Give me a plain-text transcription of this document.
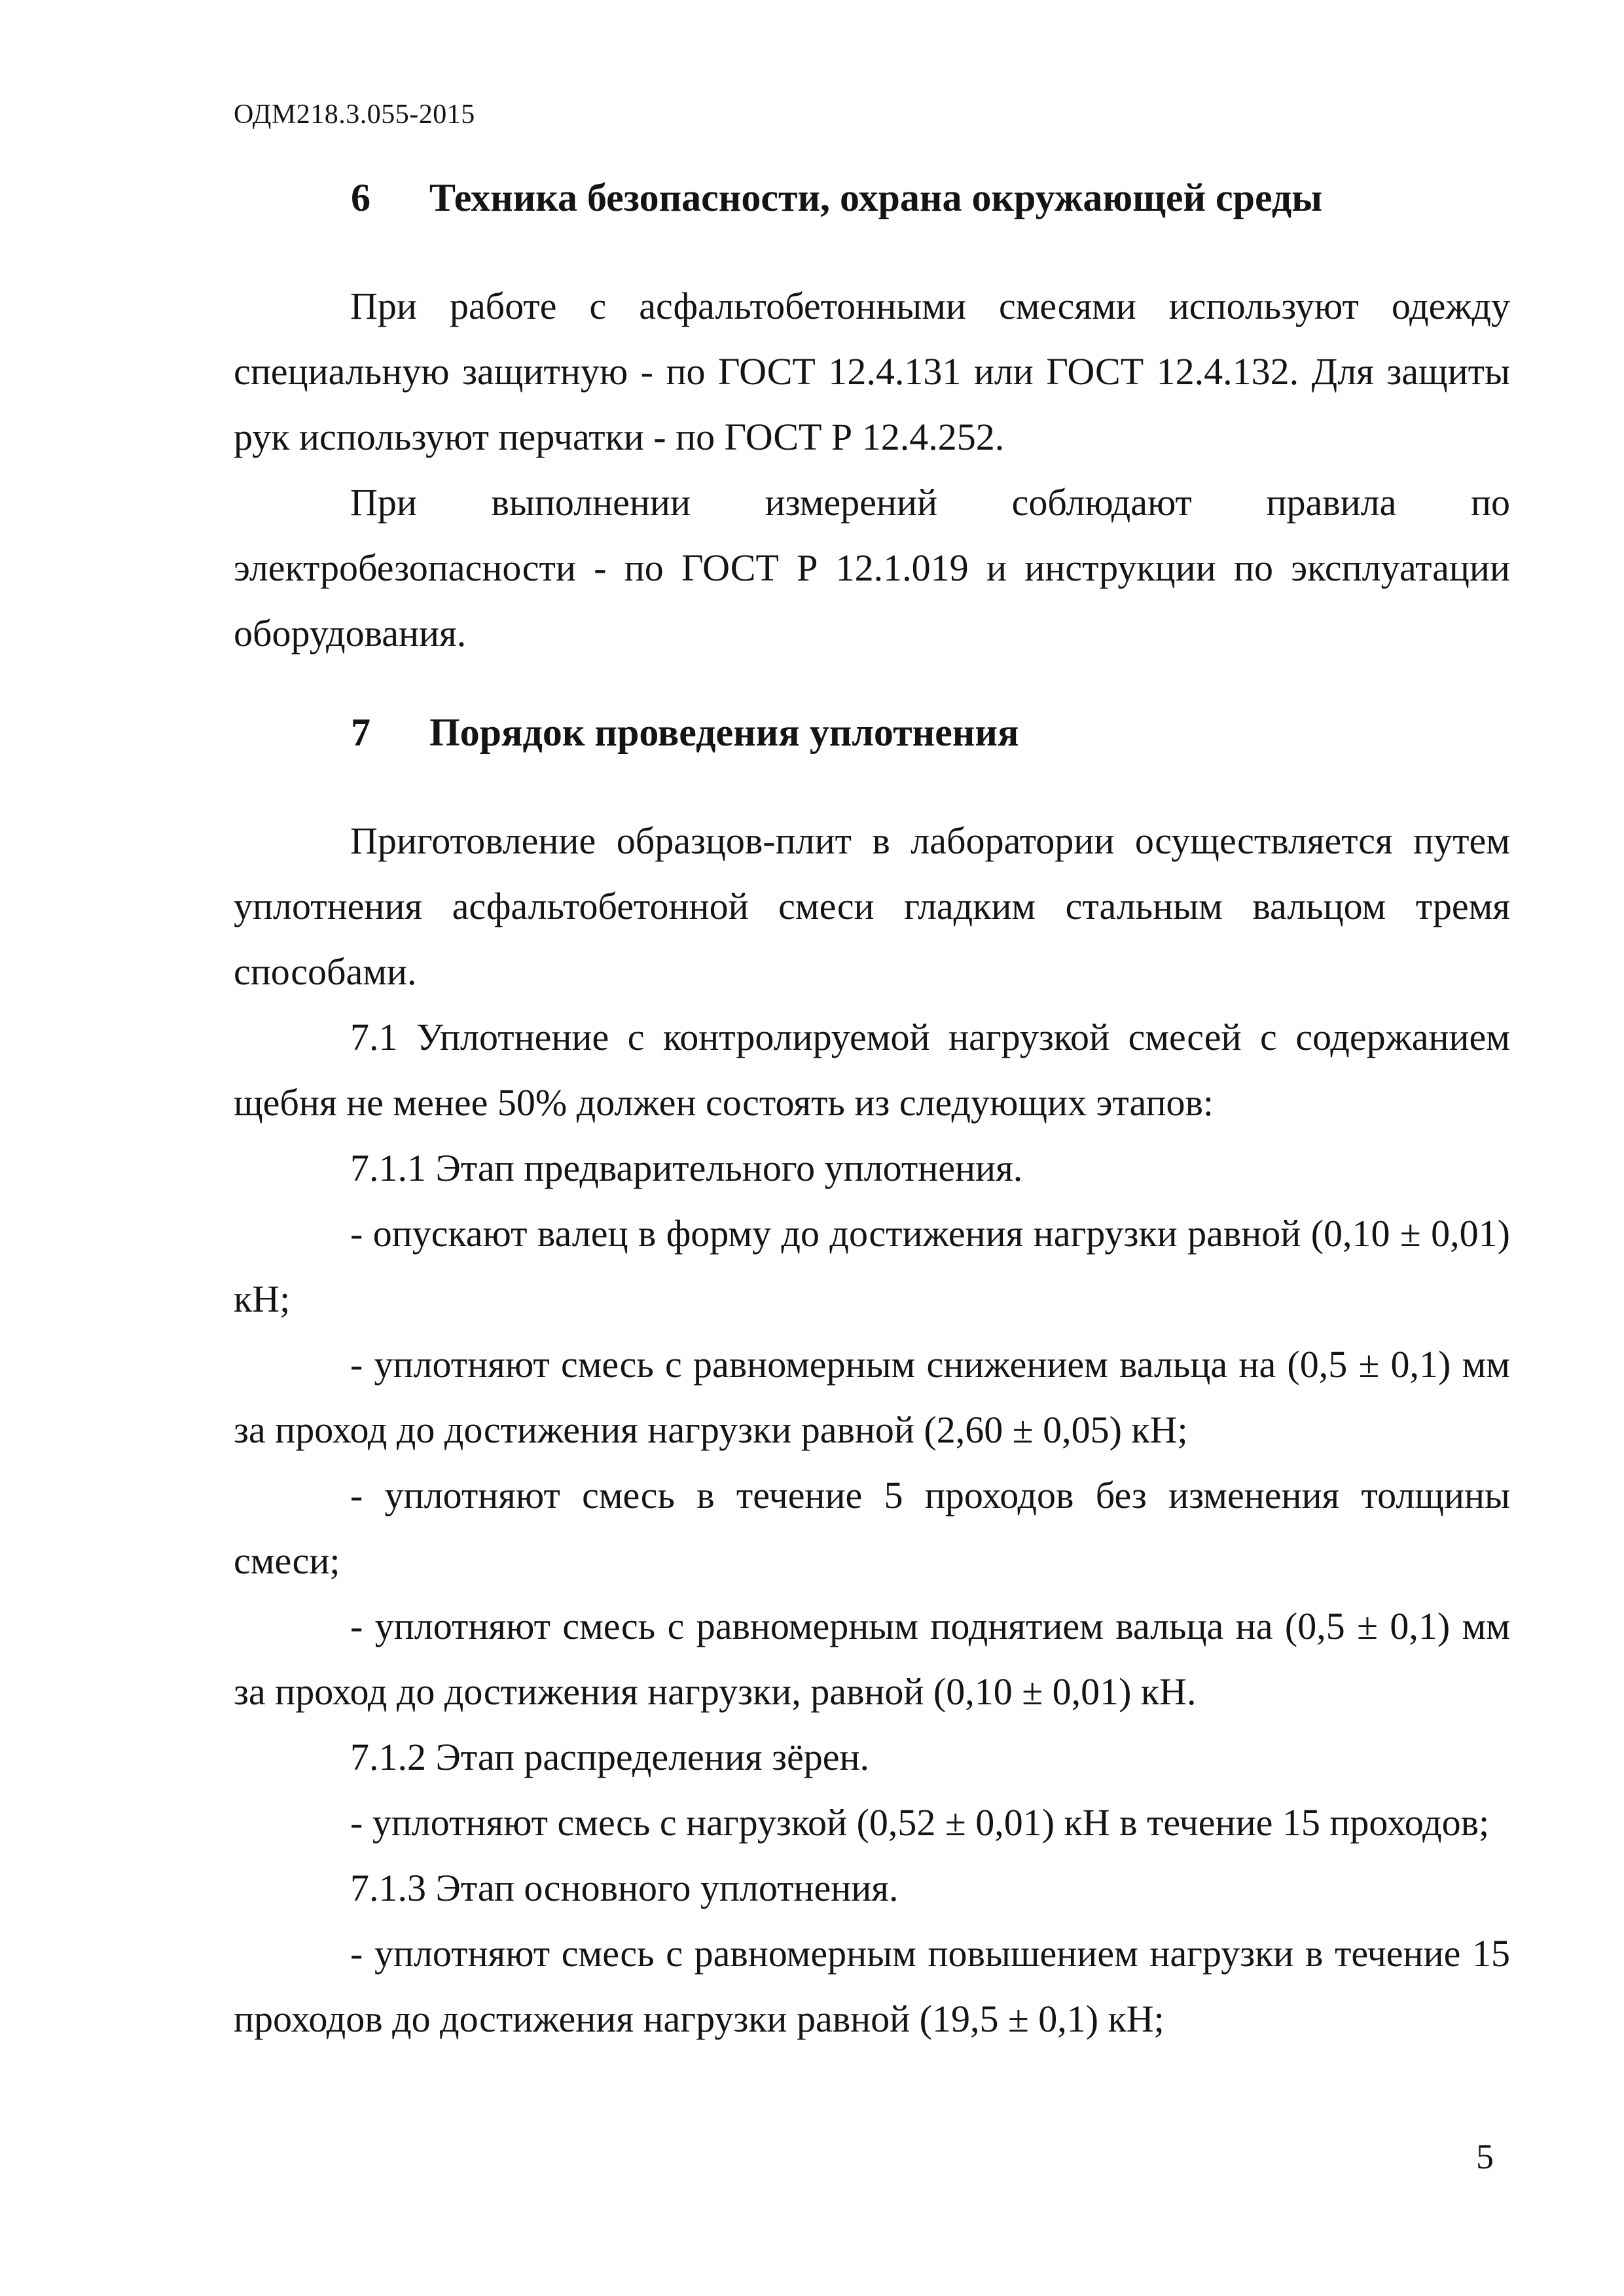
ОДМ218.3.055-2015
6 Техника безопасности, охрана окружающей среды

При работе с асфальтобетонными смесями используют одежду специальную защитную - по ГОСТ 12.4.131 или ГОСТ 12.4.132. Для защиты рук используют перчатки - по ГОСТ Р 12.4.252.

При выполнении измерений соблюдают правила по электробезопасности - по ГОСТ Р 12.1.019 и инструкции по эксплуатации оборудования.

7 Порядок проведения уплотнения

Приготовление образцов-плит в лаборатории осуществляется путем уплотнения асфальтобетонной смеси гладким стальным вальцом тремя способами.

7.1 Уплотнение с контролируемой нагрузкой смесей с содержанием щебня не менее 50% должен состоять из следующих этапов:

7.1.1 Этап предварительного уплотнения.

- опускают валец в форму до достижения нагрузки равной (0,10 ± 0,01) кН;

- уплотняют смесь с равномерным снижением вальца на (0,5 ± 0,1) мм за проход до достижения нагрузки равной (2,60 ± 0,05) кН;

- уплотняют смесь в течение 5 проходов без изменения толщины смеси;

- уплотняют смесь с равномерным поднятием вальца на (0,5 ± 0,1) мм за проход до достижения нагрузки, равной (0,10 ± 0,01) кН.

7.1.2 Этап распределения зёрен.

- уплотняют смесь с нагрузкой (0,52 ± 0,01) кН в течение 15 проходов;

7.1.3 Этап основного уплотнения.

- уплотняют смесь с равномерным повышением нагрузки в течение 15 проходов до достижения нагрузки равной (19,5 ± 0,1) кН;

5
